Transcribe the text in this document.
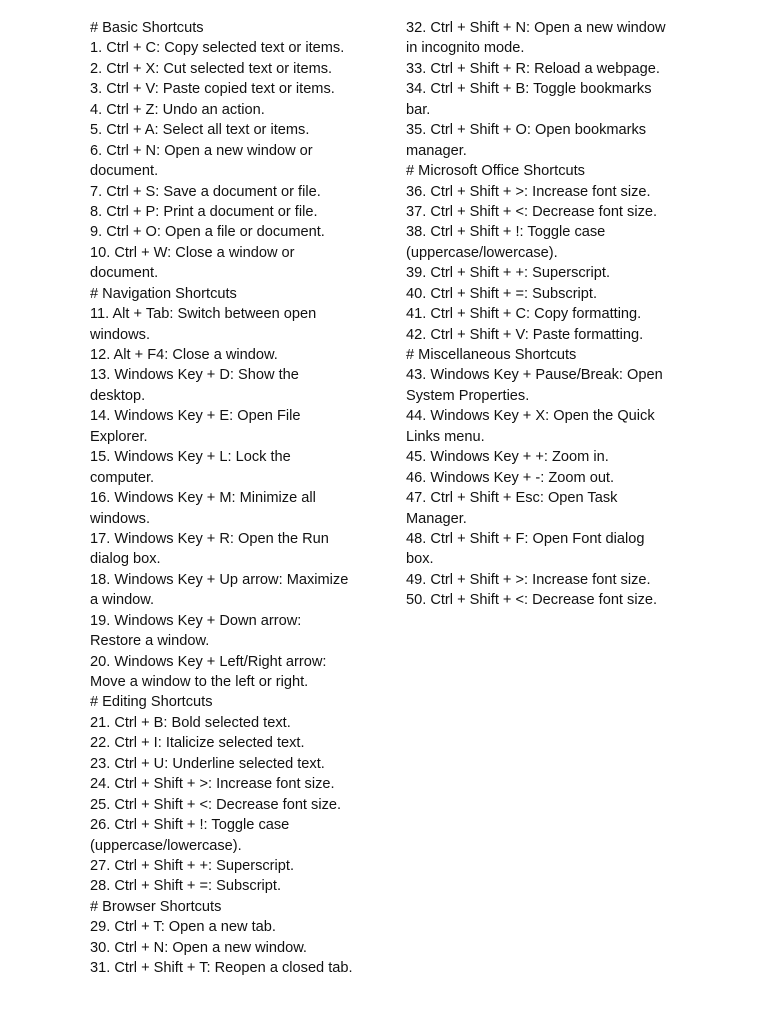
# Basic Shortcuts
1. Ctrl + C: Copy selected text or items.
2. Ctrl + X: Cut selected text or items.
3. Ctrl + V: Paste copied text or items.
4. Ctrl + Z: Undo an action.
5. Ctrl + A: Select all text or items.
6. Ctrl + N: Open a new window or
document.
7. Ctrl + S: Save a document or file.
8. Ctrl + P: Print a document or file.
9. Ctrl + O: Open a file or document.
10. Ctrl + W: Close a window or
document.
# Navigation Shortcuts
11. Alt + Tab: Switch between open
windows.
12. Alt + F4: Close a window.
13. Windows Key + D: Show the
desktop.
14. Windows Key + E: Open File
Explorer.
15. Windows Key + L: Lock the
computer.
16. Windows Key + M: Minimize all
windows.
17. Windows Key + R: Open the Run
dialog box.
18. Windows Key + Up arrow: Maximize
a window.
19. Windows Key + Down arrow:
Restore a window.
20. Windows Key + Left/Right arrow:
Move a window to the left or right.
# Editing Shortcuts
21. Ctrl + B: Bold selected text.
22. Ctrl + I: Italicize selected text.
23. Ctrl + U: Underline selected text.
24. Ctrl + Shift + >: Increase font size.
25. Ctrl + Shift + <: Decrease font size.
26. Ctrl + Shift + !: Toggle case
(uppercase/lowercase).
27. Ctrl + Shift + +: Superscript.
28. Ctrl + Shift + =: Subscript.
# Browser Shortcuts
29. Ctrl + T: Open a new tab.
30. Ctrl + N: Open a new window.
31. Ctrl + Shift + T: Reopen a closed tab.
32. Ctrl + Shift + N: Open a new window
in incognito mode.
33. Ctrl + Shift + R: Reload a webpage.
34. Ctrl + Shift + B: Toggle bookmarks
bar.
35. Ctrl + Shift + O: Open bookmarks
manager.
# Microsoft Office Shortcuts
36. Ctrl + Shift + >: Increase font size.
37. Ctrl + Shift + <: Decrease font size.
38. Ctrl + Shift + !: Toggle case
(uppercase/lowercase).
39. Ctrl + Shift + +: Superscript.
40. Ctrl + Shift + =: Subscript.
41. Ctrl + Shift + C: Copy formatting.
42. Ctrl + Shift + V: Paste formatting.
# Miscellaneous Shortcuts
43. Windows Key + Pause/Break: Open
System Properties.
44. Windows Key + X: Open the Quick
Links menu.
45. Windows Key + +: Zoom in.
46. Windows Key + -: Zoom out.
47. Ctrl + Shift + Esc: Open Task
Manager.
48. Ctrl + Shift + F: Open Font dialog
box.
49. Ctrl + Shift + >: Increase font size.
50. Ctrl + Shift + <: Decrease font size.
